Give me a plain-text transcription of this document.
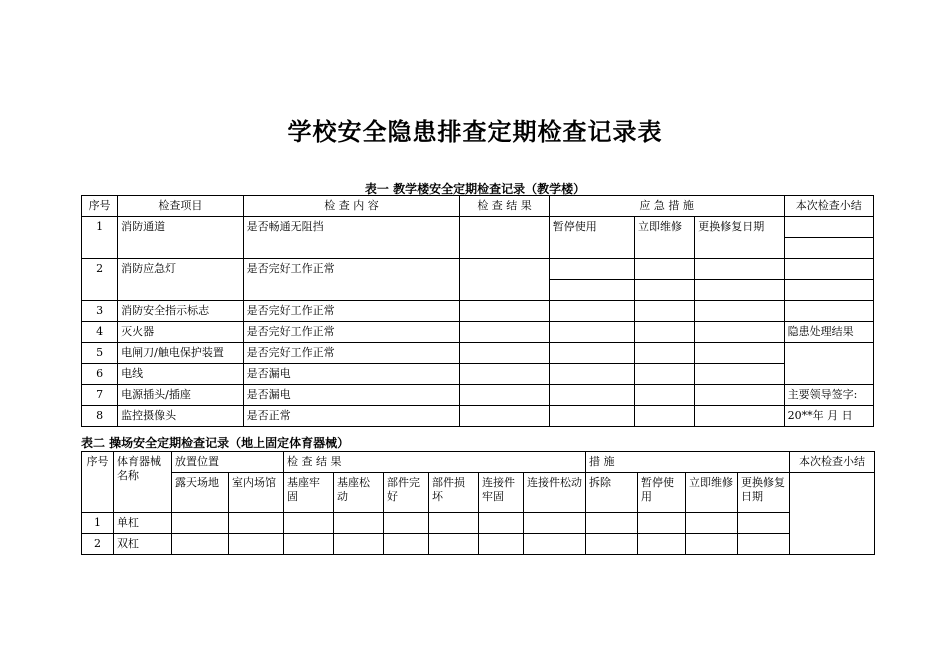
学校安全隐患排查定期检查记录表
表一 教学楼安全定期检查记录（教学楼）
序号	检查项目	检 查 内 容	检 查 结 果	应 急 措 施			本次检查小结
1	消防通道	是否畅通无阻挡		暂停使用	立即维修	更换修复日期	

2	消防应急灯	是否完好工作正常					

3	消防安全指示标志	是否完好工作正常					
4	灭火器	是否完好工作正常					隐患处理结果
5	电闸刀/触电保护装置	是否完好工作正常					
6	电线	是否漏电					
7	电源插头/插座	是否漏电					主要领导签字:
8	监控摄像头	是否正常					20**年 月 日
表二 操场安全定期检查记录（地上固定体育器械）
序号	体育器械名称	放置位置		检 查 结 果						措 施				本次检查小结
		露天场地	室内场馆	基座牢固	基座松动	部件完好	部件损坏	连接件牢固	连接件松动	拆除	暂停使用	立即维修	更换修复日期	
1	单杠													
2	双杠													
